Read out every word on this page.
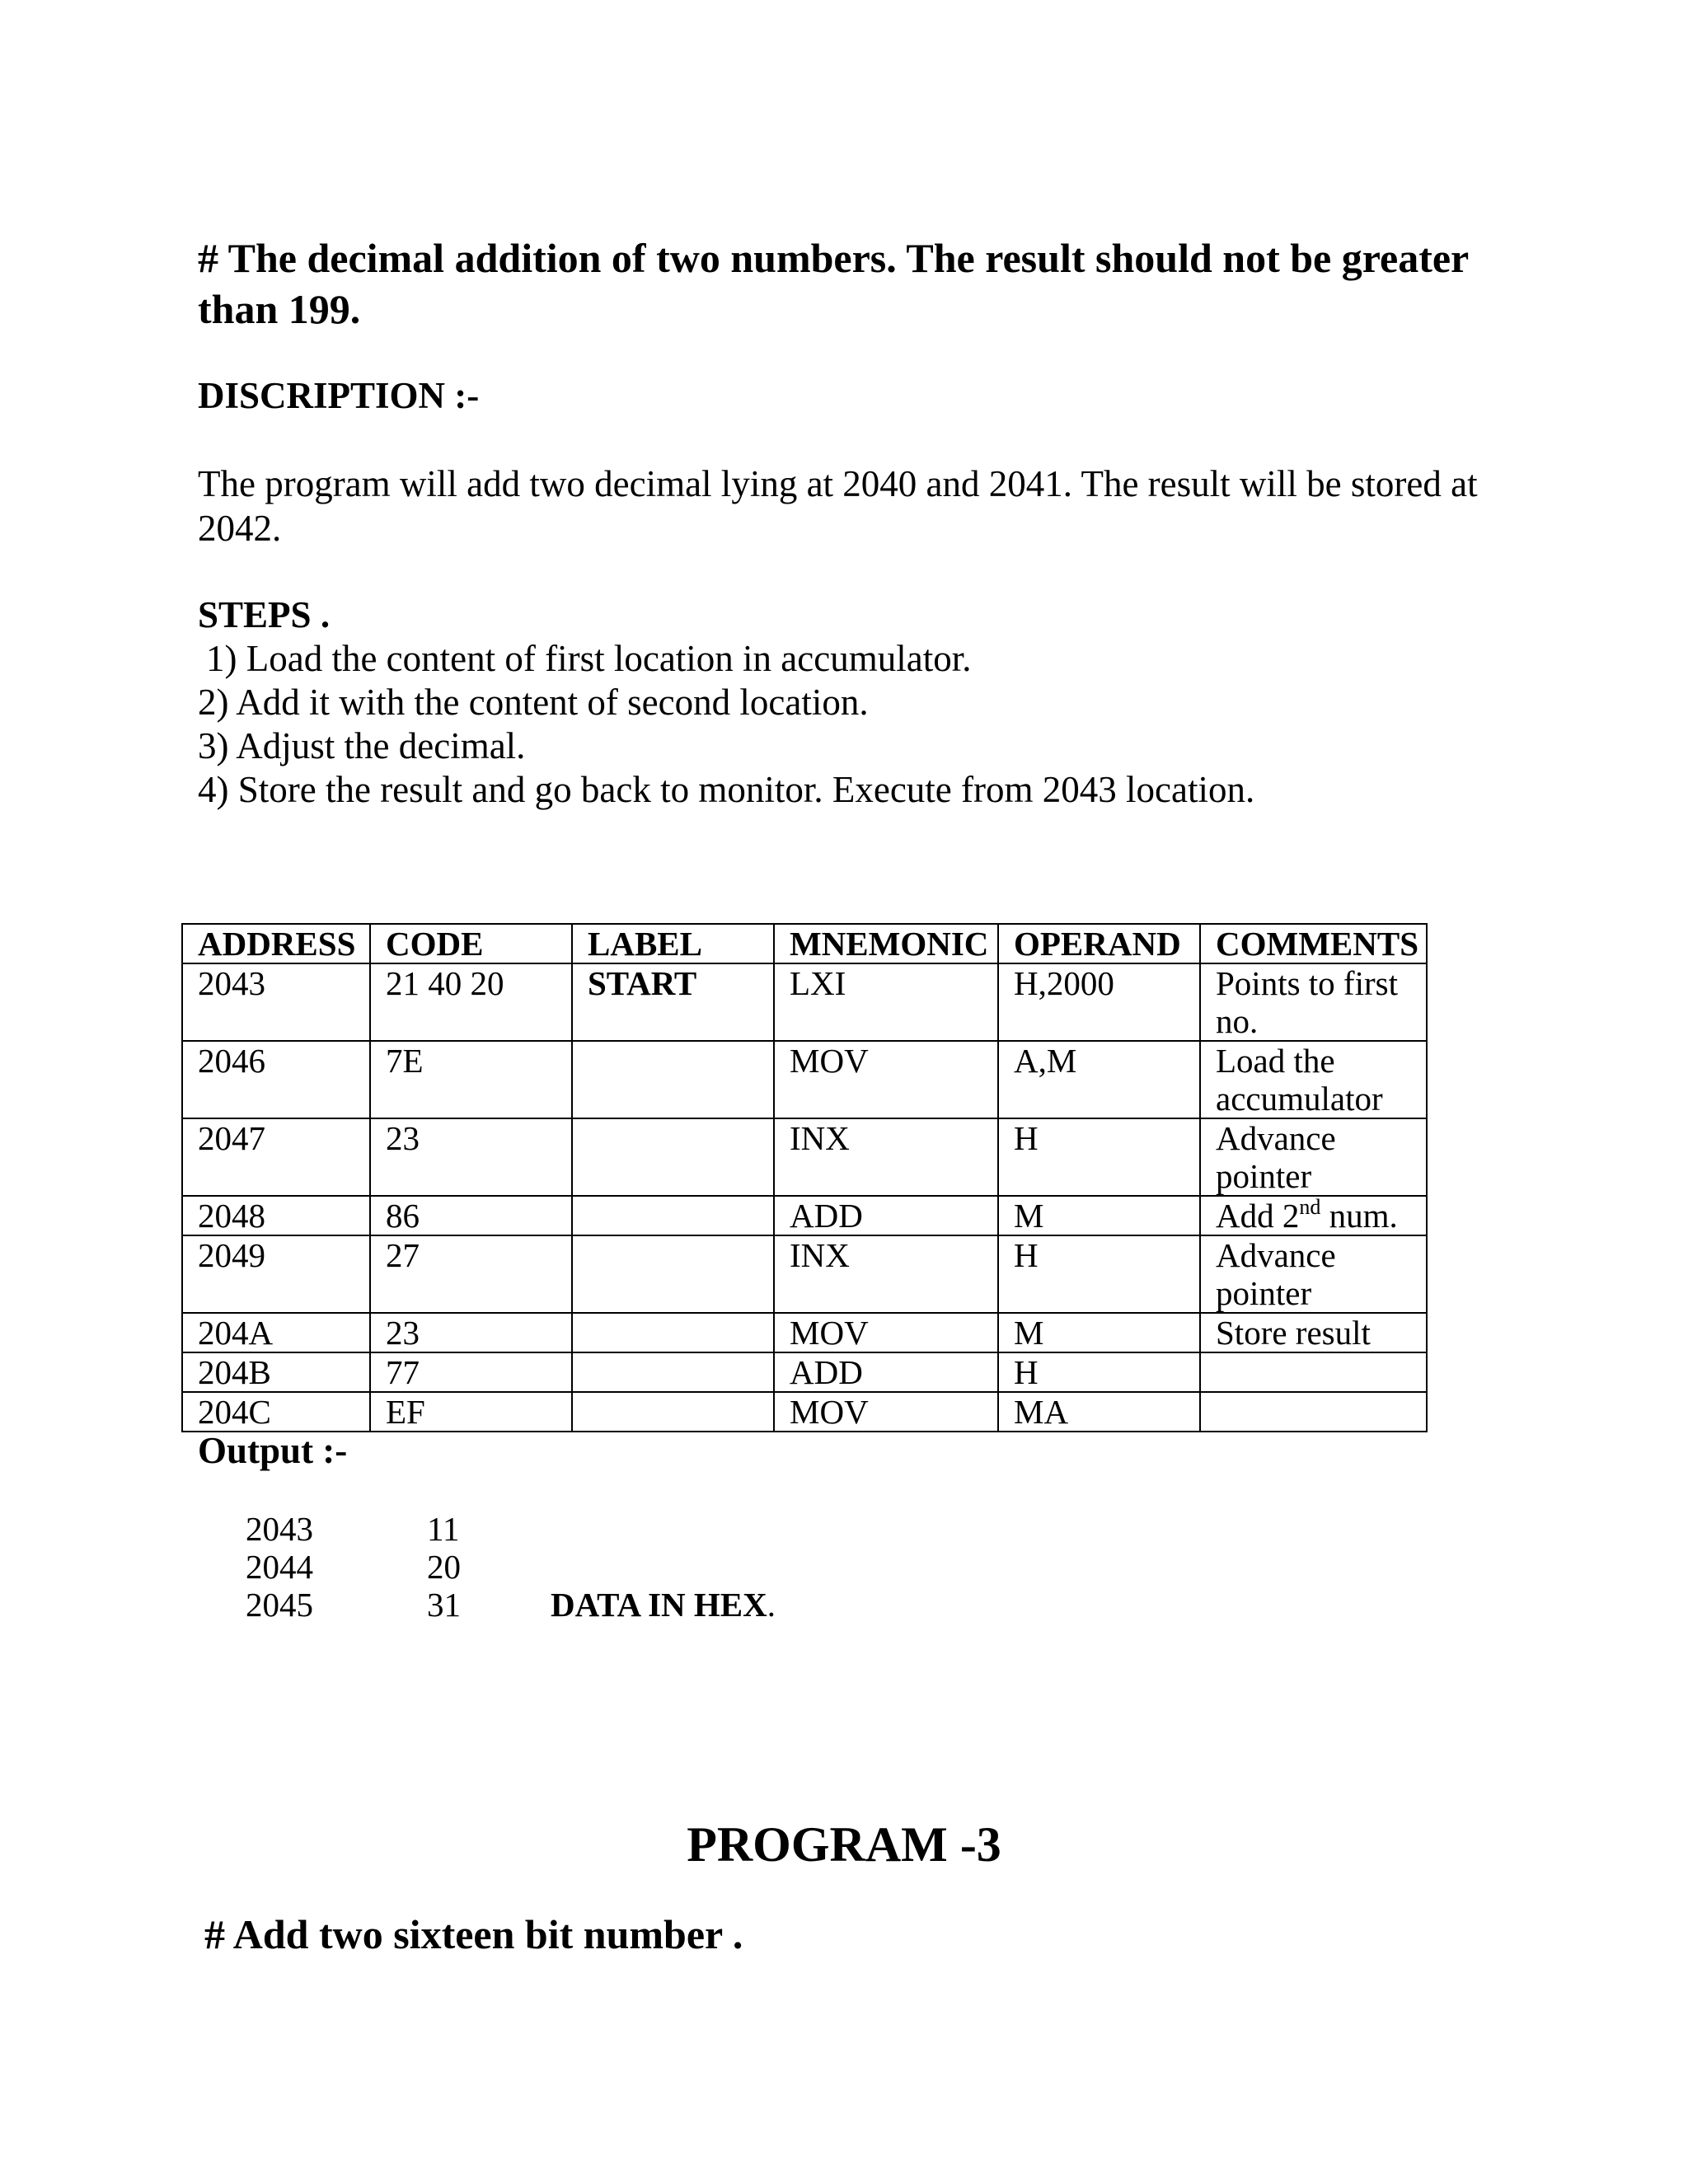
# The decimal addition of two numbers. The result should not be greater than 199.
DISCRIPTION :-

The program will add two decimal lying at 2040 and 2041. The result will be stored at 2042.

STEPS .
1) Load the content of first location in accumulator.
2) Add it with the content of second location.
3) Adjust the decimal.
4) Store the result and go back to monitor. Execute from 2043 location.
ADDRESS	CODE	LABEL	MNEMONIC	OPERAND	COMMENTS
2043	21 40 20	START	LXI	H,2000	Points to first no.
2046	7E		MOV	A,M	Load the accumulator
2047	23		INX	H	Advance pointer
2048	86		ADD	M	Add 2nd num.
2049	27		INX	H	Advance pointer
204A	23		MOV	M	Store result
204B	77		ADD	H	
204C	EF		MOV	MA	
Output :-
2043	11
2044	20
2045	31	DATA IN HEX.
PROGRAM -3
# Add two sixteen bit number .
